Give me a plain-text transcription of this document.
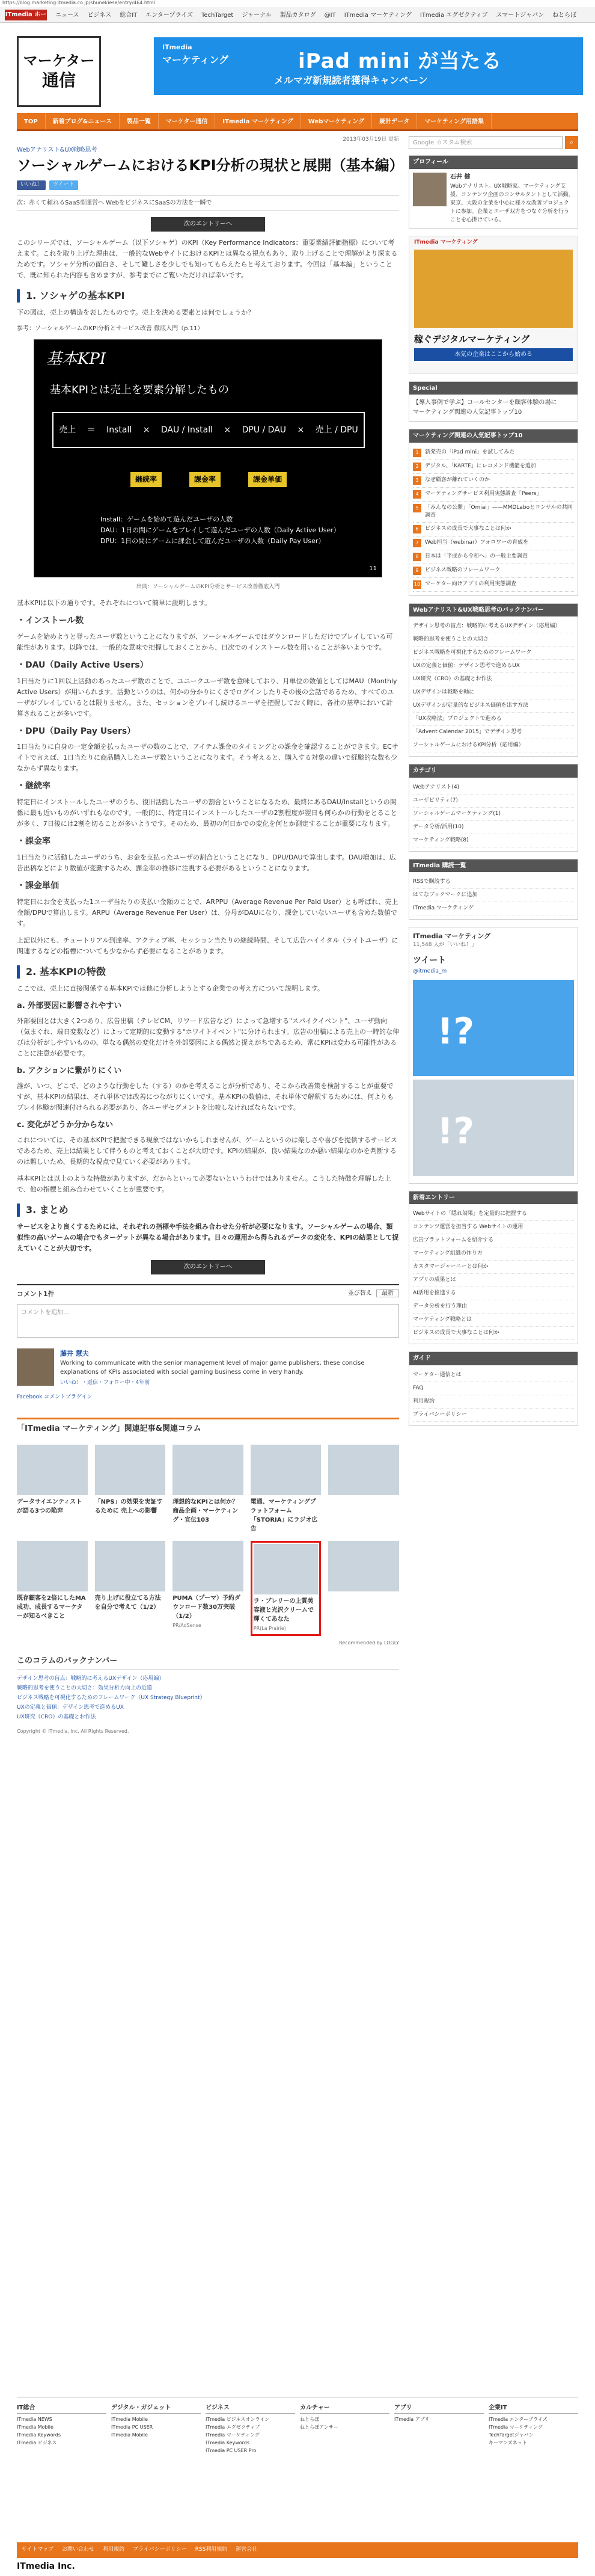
https://blog.marketing.itmedia.co.jp/shunekiese/entry/464.html
ITmedia ホーム
ニュース ビジネス 総合IT エンタープライズ TechTarget ジャーナル 製品カタログ @IT ITmedia マーケティング ITmedia エグゼクティブ スマートジャパン ねとらぼ
マーケター
通信
ITmedia
マーケティング	iPad mini が当たる
メルマガ新規読者獲得キャンペーン
TOP	新着ブログ&ニュース	製品一覧	マーケター通信	ITmedia マーケティング	Webマーケティング	統計データ	マーケティング用語集
2013年03月19日 更新
Webアナリスト&UX戦略思考
ソーシャルゲームにおけるKPI分析の現状と展開（基本編）
いいね！	ツイート
次：赤くて頼れるSaaS型運営へ WebをビジネスにSaaSの方法を一瞬で
次のエントリーへ

このシリーズでは、ソーシャルゲーム（以下ソシャゲ）のKPI（Key Performance Indicators：重要業績評価指標）について考えます。これを取り上げた理由は、一般的なWebサイトにおけるKPIとは異なる視点もあり、取り上げることで理解がより深まるためです。ソシャゲ分析の面白さ、そして難しさを少しでも知ってもらえたらと考えております。今回は「基本編」ということで、既に知られた内容も含めますが、参考までにご覧いただければ幸いです。

1. ソシャゲの基本KPI

下の図は、売上の構造を表したものです。売上を決める要素とは何でしょうか？

参考：ソーシャルゲームのKPI分析とサービス改善 徹底入門（p.11）
基本KPI
基本KPIとは売上を要素分解したもの
売上 ＝ Install × DAU / Install × DPU / DAU × 売上 / DPU
継続率	課金率	課金単価
Install：ゲームを始めて遊んだユーザの人数
DAU：1日の間にゲームをプレイして遊んだユーザの人数（Daily Active User）
DPU：1日の間にゲームに課金して遊んだユーザの人数（Daily Pay User）
11
出典：ソーシャルゲームのKPI分析とサービス改善徹底入門

基本KPIは以下の通りです。それぞれについて簡単に説明します。

・インストール数

ゲームを始めようと登ったユーザ数ということになりますが、ソーシャルゲームではダウンロードしただけでプレイしている可能性があります。以降では、一般的な意味で把握しておくことから、日次でのインストール数を用いることが多いようです。

・DAU（Daily Active Users）

1日当たりに1回以上活動のあったユーザ数のことで、ユニークユーザ数を意味しており、月単位の数値としてはMAU（Monthly Active Users）が用いられます。活動というのは、何かの分かりにくさでログインしたりその後の会話であるため、すべてのユーザがプレイしているとは限りません。また、セッションをプレイし続けるユーザを把握しておく時に、各社の基準において計算されることが多いです。

・DPU（Daily Pay Users）

1日当たりに自身の一定金額を払ったユーザの数のことで、アイテム課金のタイミングとの課金を確認することができます。ECサイトで言えば、1日当たりに商品購入したユーザ数ということになります。そう考えると、購入する対象の違いで経験的な数も少なからず異なります。

・継続率

特定日にインストールしたユーザのうち、復旧活動したユーザの割合ということになるため、最終にあるDAU/Installというの関係に最も近いものがいずれもなのです。一般的に、特定日にインストールしたユーザの2割程度が翌日も何らかの行動をとることが多く、7日後には2割を切ることが多いようです。そのため、最初の何日かでの変化を何とか測定することが重要になります。

・課金率

1日当たりに活動したユーザのうち、お金を支払ったユーザの割合ということになり、DPU/DAUで算出します。DAU増加は、広告出稿などにより数値が変動するため、課金率の推移に注視する必要があるということになります。

・課金単価

特定日にお金を支払った1ユーザ当たりの支払い金額のことで、ARPPU（Average Revenue Per Paid User）とも呼ばれ、売上金額/DPUで算出します。ARPU（Average Revenue Per User）は、分母がDAUになり、課金していないユーザも含めた数値です。

上記以外にも、チュートリアル到達率、アクティブ率、セッション当たりの継続時間、そして広告ハイイタル（ライトユーザ）に関連するなどの指標についても少なからず必要になることがあります。

2. 基本KPIの特徴

ここでは、売上に直接関係する基本KPIでは他に分析しようとする企業での考え方について説明します。

a. 外部要因に影響されやすい

外部要因とは大きく2つあり、広告出稿（テレビCM、リワード広告など）によって急増する"スパイクイベント"、ユーザ動向（気まぐれ、端日変数など）によって定期的に変動する"ホワイトイベント"に分けられます。広告の出稿による売上の一時的な伸びは分析がしやすいものの、単なる偶然の変化だけを外部要因による偶然と捉えがちであるため、常にKPIは変わる可能性があることに注意が必要です。

b. アクションに繋がりにくい

誰が、いつ、どこで、どのような行動をした（する）のかを考えることが分析であり、そこから改善策を検討することが重要ですが、基本KPIの結果は、それ単体では改善につながりにくいです。基本KPIの数値は、それ単体で解釈するためには、何よりもプレイ体験が関連付けられる必要があり、各ユーザセグメントを比較しなければならないです。

c. 変化がどうか分からない

これについては、その基本KPIで把握できる現象ではないかもしれませんが、ゲームというのは楽しさや喜びを提供するサービスであるため、売上は結果として伴うものと考えておくことが大切です。KPIの結果が、良い結果なのか悪い結果なのかを判断するのは難しいため、長期的な視点で見ていく必要があります。

基本KPIとは以上のような特徴がありますが、だからといって必要ないというわけではありません。こうした特徴を理解した上で、他の指標と組み合わせていくことが重要です。

3. まとめ

サービスをより良くするためには、それぞれの指標や手法を組み合わせた分析が必要になります。ソーシャルゲームの場合、類似性の高いゲームの場合でもターゲットが異なる場合があります。日々の運用から得られるデータの変化を、KPIの結果として捉えていくことが大切です。

次のエントリーへ
コメント1件	並び替え 最新
コメントを追加...
藤井 慧夫
Working to communicate with the senior management level of major game publishers, these concise explanations of KPIs associated with social gaming business come in very handy.
いいね！・返信・フォロー中・4年前
Facebook コメントプラグイン
「ITmedia マーケティング」関連記事&関連コラム
データサイエンティストが語る3つの陥穽
「NPS」の効果を実証するために 売上への影響
理想的なKPIとは何か？ 商品企画・マーケティング・宣伝103
電通、マーケティングプラットフォーム「STORIA」にラジオ広告
既存顧客を2倍にしたMA成功、成長するマーケターが知るべきこと
売り上げに役立てる方法を自分で考えて（1/2）
PUMA（プーマ）予約ダウンロード数30万突破（1/2）
PR/AdSense
ラ・ブレリーの上質美容液と光沢クリームで輝くてあなた
PR(La Prairie)
Recommended by LOGLY
このコラムのバックナンバー
デザイン思考の盲点：戦略的に考えるUXデザイン（応用編）
戦略的思考を使うことの大切さ：効果分析力向上の近道
ビジネス戦略を可視化するためのフレームワーク（UX Strategy Blueprint）
UXの定義と価値：デザイン思考で進めるUX
UX研究（CRO）の基礎とお作法
Copyright © ITmedia, Inc. All Rights Reserved.
Google カスタム検索	⌕
プロフィール
石井 健
Webアナリスト。UX戦略家。マーケティング支援、コンテンツ企画のコンサルタントとして活動。東京、大阪の企業を中心に様々な改善プロジェクトに参加。企業とユーザ双方をつなぐ分析を行うことを心掛けている。
ITmedia マーケティング
稼ぐデジタルマーケティング
本気の企業はここから始める
Special
【導入事例で学ぶ】コールセンターを顧客体験の場に
マーケティング関連の人気記事トップ10
マーケティング関連の人気記事トップ10
1	新発売の「iPad mini」を試してみた
2	デジタル、「KARTE」にレコメンド機能を追加
3	なぜ顧客が離れていくのか
4	マーケティングサービス利用実態調査「Peers」
5	「みんなの公開」「Omiai」——MMDLaboとコンサルの共同調査
6	ビジネスの成長で大事なことは何か
7	Web担当（webinar）フォロワーの育成を
8	日本は「平成から令和へ」の一般主要調査
9	ビジネス戦略のフレームワーク
10 マーケター向けアプリの利用実態調査
Webアナリスト&UX戦略思考のバックナンバー
デザイン思考の盲点：戦略的に考えるUXデザイン（応用編）
戦略的思考を使うことの大切さ
ビジネス戦略を可視化するためのフレームワーク
UXの定義と価値：デザイン思考で進めるUX
UX研究（CRO）の基礎とお作法
UXデザインは戦略を軸に
UXデザインが定量的なビジネス価値を出す方法
「UX攻略法」プロジェクトで進める
「Advent Calendar 2015」でデザイン思考
ソーシャルゲームにおけるKPI分析（応用編）
カテゴリ
Webアナリスト(4)
ユーザビリティ(7)
ソーシャルゲームマーケティング(1)
データ分析/活用(10)
マーケティング戦略(8)
ITmedia 購読一覧
RSSで購読する
はてなブックマークに追加
ITmedia マーケティング
ITmedia マーケティング
11,548 人が「いいね！」
ツイート
@itmedia_m
!?
!?
新着エントリー
Webサイトの「隠れ効果」を定量的に把握する
コンテンツ運営を担当する Webサイトの運用
広告プラットフォームを紹介する
マーケティング組織の作り方
カスタマージャーニーとは何か
アプリの成果とは
AI活用を推進する
データ分析を行う理由
マーケティング戦略とは
ビジネスの成長で大事なことは何か
ガイド
マーケター通信とは
FAQ
利用規約
プライバシーポリシー
IT総合
ITmedia NEWS
ITmedia Mobile
ITmedia Keywords
ITmedia ビジネス
デジタル・ガジェット
ITmedia Mobile
ITmedia PC USER
ITmedia Mobile
ビジネス
ITmedia ビジネスオンライン
ITmedia エグゼクティブ
ITmedia マーケティング
ITmedia Keywords
ITmedia PC USER Pro
カルチャー
ねとらぼ
ねとらぼアンサー
アプリ
ITmedia アプリ
企業IT
ITmedia エンタープライズ
ITmedia マーケティング
TechTargetジャパン
キーマンズネット
サイトマップ お問い合わせ 利用規約 プライバシーポリシー RSS利用規約 運営会社
ITmedia Inc.
